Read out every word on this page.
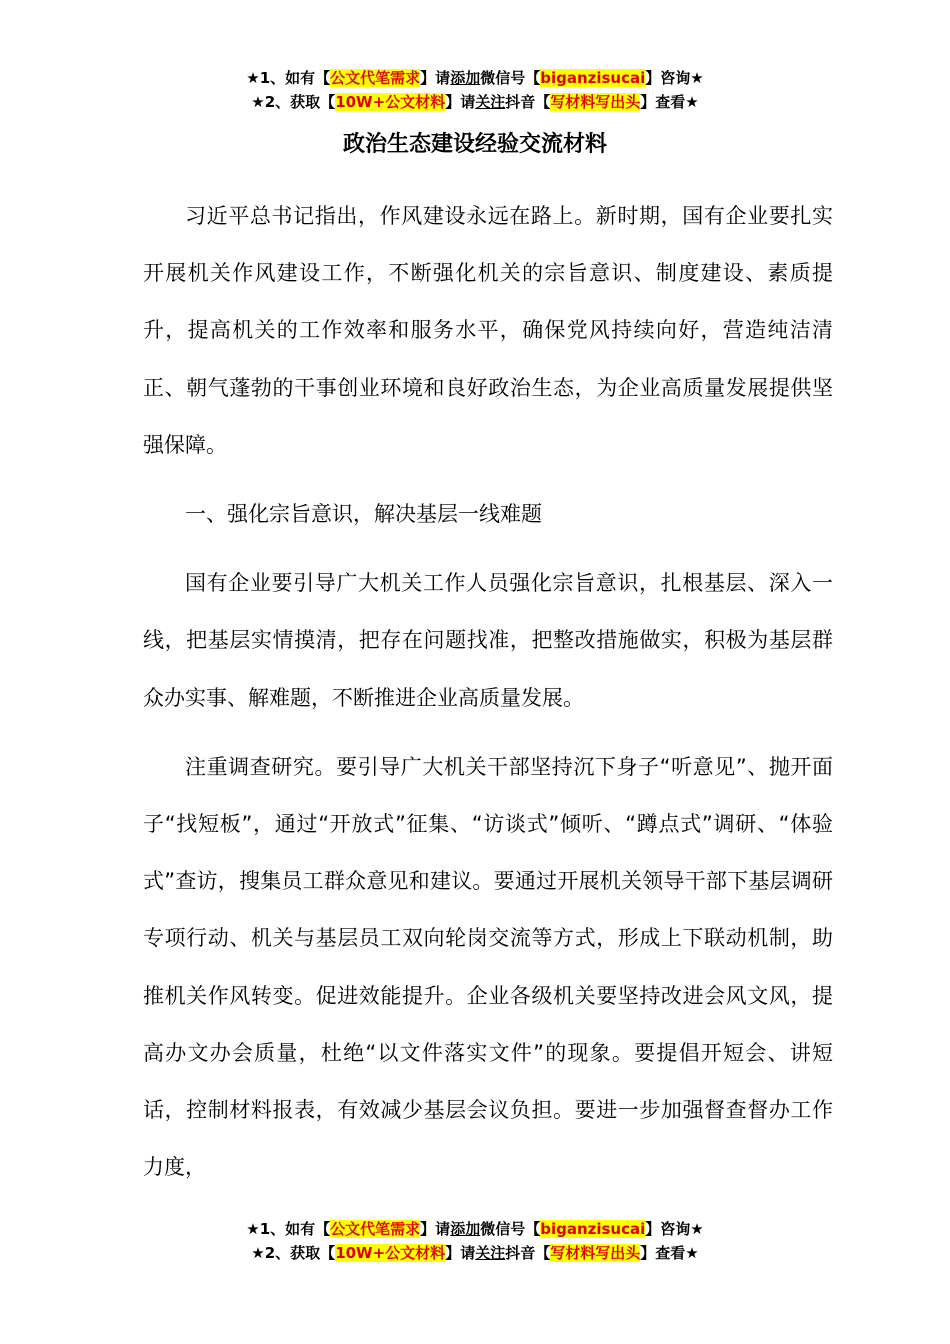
★1、如有【公文代笔需求】请添加微信号【biganzisucai】咨询★
★2、获取【10W+公文材料】请关注抖音【写材料写出头】查看★
政治生态建设经验交流材料

习近平总书记指出，作风建设永远在路上。新时期，国有企业要扎实开展机关作风建设工作，不断强化机关的宗旨意识、制度建设、素质提升，提高机关的工作效率和服务水平，确保党风持续向好，营造纯洁清正、朝气蓬勃的干事创业环境和良好政治生态，为企业高质量发展提供坚强保障。

一、强化宗旨意识，解决基层一线难题

国有企业要引导广大机关工作人员强化宗旨意识，扎根基层、深入一线，把基层实情摸清，把存在问题找准，把整改措施做实，积极为基层群众办实事、解难题，不断推进企业高质量发展。

注重调查研究。要引导广大机关干部坚持沉下身子“听意见”、抛开面子“找短板”，通过“开放式”征集、“访谈式”倾听、“蹲点式”调研、“体验式”查访，搜集员工群众意见和建议。要通过开展机关领导干部下基层调研专项行动、机关与基层员工双向轮岗交流等方式，形成上下联动机制，助推机关作风转变。促进效能提升。企业各级机关要坚持改进会风文风，提高办文办会质量，杜绝“以文件落实文件”的现象。要提倡开短会、讲短话，控制材料报表，有效减少基层会议负担。要进一步加强督查督办工作力度，

★1、如有【公文代笔需求】请添加微信号【biganzisucai】咨询★
★2、获取【10W+公文材料】请关注抖音【写材料写出头】查看★
